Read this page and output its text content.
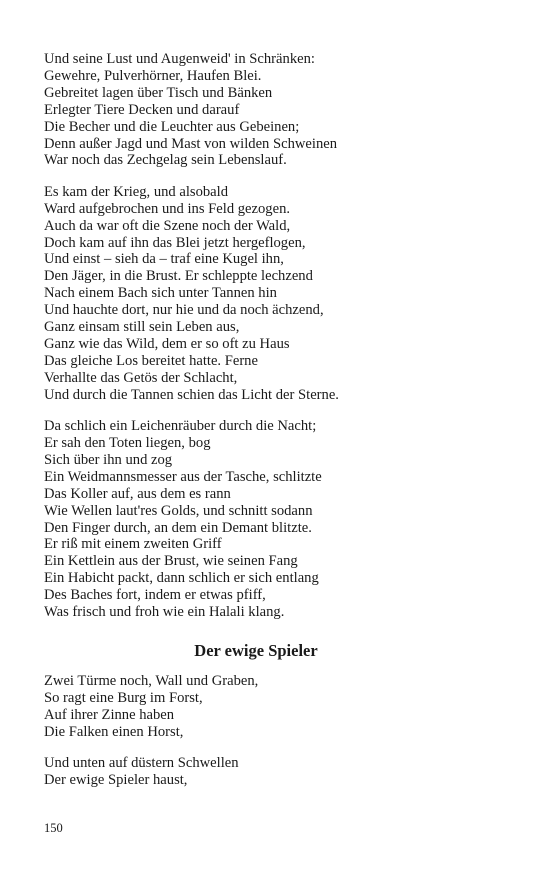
Und seine Lust und Augenweid' in Schränken:
Gewehre, Pulverhörner, Haufen Blei.
Gebreitet lagen über Tisch und Bänken
Erlegter Tiere Decken und darauf
Die Becher und die Leuchter aus Gebeinen;
Denn außer Jagd und Mast von wilden Schweinen
War noch das Zechgelag sein Lebenslauf.
Es kam der Krieg, und alsobald
Ward aufgebrochen und ins Feld gezogen.
Auch da war oft die Szene noch der Wald,
Doch kam auf ihn das Blei jetzt hergeflogen,
Und einst – sieh da – traf eine Kugel ihn,
Den Jäger, in die Brust. Er schleppte lechzend
Nach einem Bach sich unter Tannen hin
Und hauchte dort, nur hie und da noch ächzend,
Ganz einsam still sein Leben aus,
Ganz wie das Wild, dem er so oft zu Haus
Das gleiche Los bereitet hatte. Ferne
Verhallte das Getös der Schlacht,
Und durch die Tannen schien das Licht der Sterne.
Da schlich ein Leichenräuber durch die Nacht;
Er sah den Toten liegen, bog
Sich über ihn und zog
Ein Weidmannsmesser aus der Tasche, schlitzte
Das Koller auf, aus dem es rann
Wie Wellen laut'res Golds, und schnitt sodann
Den Finger durch, an dem ein Demant blitzte.
Er riß mit einem zweiten Griff
Ein Kettlein aus der Brust, wie seinen Fang
Ein Habicht packt, dann schlich er sich entlang
Des Baches fort, indem er etwas pfiff,
Was frisch und froh wie ein Halali klang.
Der ewige Spieler
Zwei Türme noch, Wall und Graben,
So ragt eine Burg im Forst,
Auf ihrer Zinne haben
Die Falken einen Horst,
Und unten auf düstern Schwellen
Der ewige Spieler haust,
150
